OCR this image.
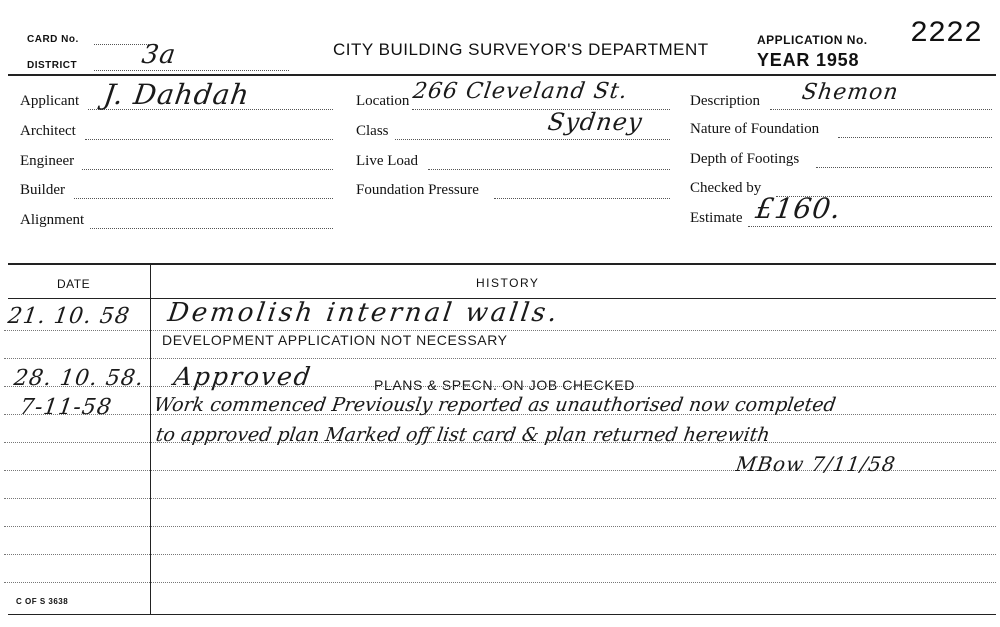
CARD No.
DISTRICT 3a	CITY BUILDING SURVEYOR'S DEPARTMENT	APPLICATION No. 2222
YEAR 1958
Applicant J. Dahdah
Architect
Engineer
Builder
Alignment
Location 266 Cleveland St.
Class	Sydney
Live Load
Foundation Pressure
Description Shemon
Nature of Foundation
Depth of Footings
Checked by
Estimate £160.
DATE	HISTORY
21. 10. 58 Demolish internal walls.
DEVELOPMENT APPLICATION NOT NECESSARY
28. 10. 58. Approved	PLANS & SPECN. ON JOB CHECKED
7-11-58 Work commenced Previously reported as unauthorised now completed
to approved plan Marked off list card & plan returned herewith
MBow 7/11/58
C OF S 3638
